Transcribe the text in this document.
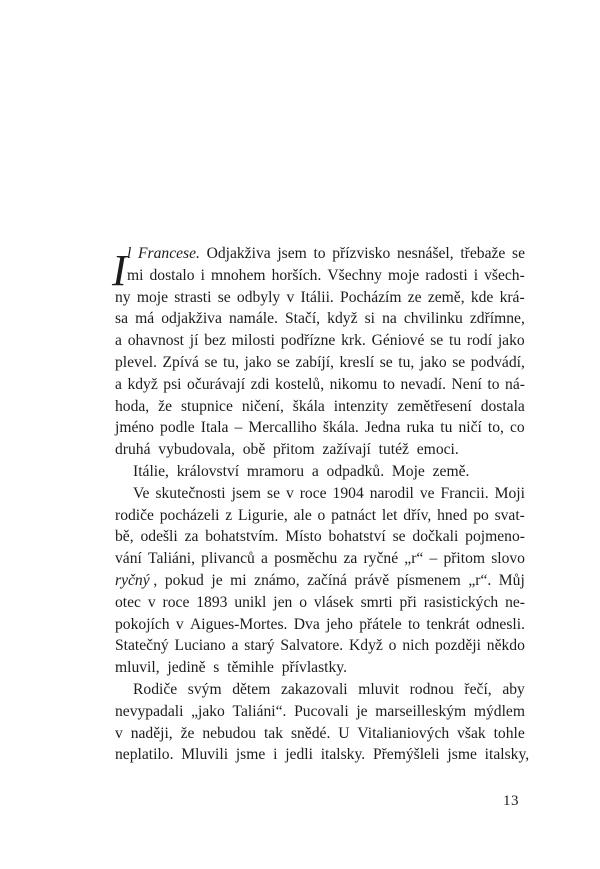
I l Francese. Odjakživa jsem to přízvisko nesnášel, třebaže se
mi dostalo i mnohem horších. Všechny moje radosti i všech-
ny moje strasti se odbyly v Itálii. Pocházím ze země, kde krá-
sa má odjakživa namále. Stačí, když si na chvilinku zdřímne,
a ohavnost jí bez milosti podřízne krk. Géniové se tu rodí jako
plevel. Zpívá se tu, jako se zabíjí, kreslí se tu, jako se podvádí,
a když psi očurávají zdi kostelů, nikomu to nevadí. Není to ná-
hoda, že stupnice ničení, škála intenzity zemětřesení dostala
jméno podle Itala – Mercalliho škála. Jedna ruka tu ničí to, co
druhá vybudovala, obě přitom zažívají tutéž emoci.
Itálie, království mramoru a odpadků. Moje země.
Ve skutečnosti jsem se v roce 1904 narodil ve Francii. Moji
rodiče pocházeli z Ligurie, ale o patnáct let dřív, hned po svat-
bě, odešli za bohatstvím. Místo bohatství se dočkali pojmeno-
vání Taliáni, plivanců a posměchu za ryčné „r“ – přitom slovo
ryčný , pokud je mi známo, začíná právě písmenem „r“. Můj
otec v roce 1893 unikl jen o vlásek smrti při rasistických ne-
pokojích v Aigues-Mortes. Dva jeho přátele to tenkrát odnesli.
Statečný Luciano a starý Salvatore. Když o nich později někdo
mluvil, jedině s těmihle přívlastky.
Rodiče svým dětem zakazovali mluvit rodnou řečí, aby
nevypadali „jako Taliáni“. Pucovali je marseilleským mýdlem
v naději, že nebudou tak snědé. U Vitalianiových však tohle
neplatilo. Mluvili jsme i jedli italsky. Přemýšleli jsme italsky,
13
